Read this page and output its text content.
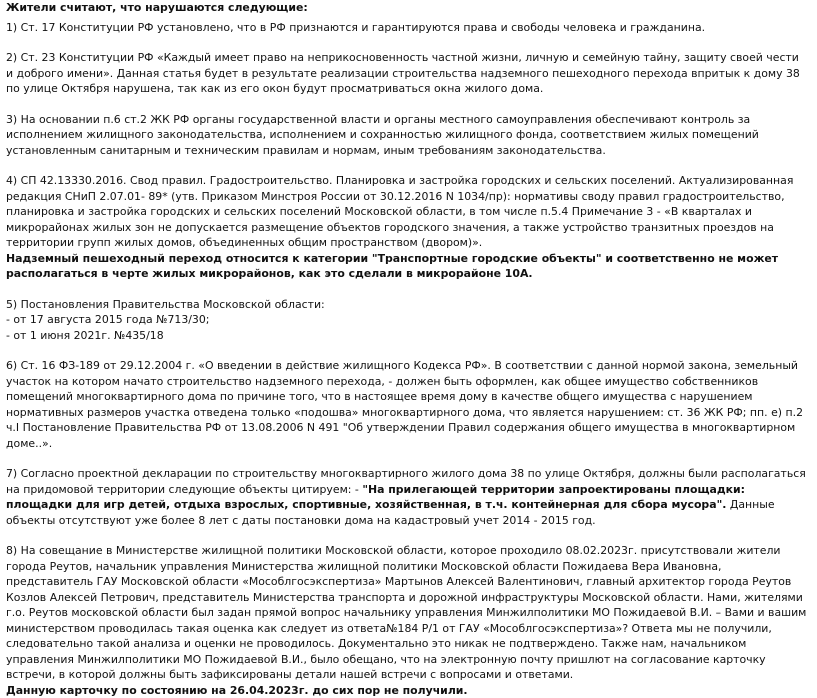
Жители считают, что нарушаются следующие:
1) Ст. 17 Конституции РФ установлено, что в РФ признаются и гарантируются права и свободы человека и гражданина.
2) Ст. 23 Конституции РФ «Каждый имеет право на неприкосновенность частной жизни, личную и семейную тайну, защиту своей чести и доброго имени». Данная статья будет в результате реализации строительства надземного пешеходного перехода впритык к дому 38 по улице Октября нарушена, так как из его окон будут просматриваться окна жилого дома.
3) На основании п.6 ст.2 ЖК РФ органы государственной власти и органы местного самоуправления обеспечивают контроль за исполнением жилищного законодательства, исполнением и сохранностью жилищного фонда, соответствием жилых помещений установленным санитарным и техническим правилам и нормам, иным требованиям законодательства.
4) СП 42.13330.2016. Свод правил. Градостроительство. Планировка и застройка городских и сельских поселений. Актуализированная редакция СНиП 2.07.01- 89* (утв. Приказом Минстроя России от 30.12.2016 N 1034/пр): нормативы своду правил градостроительство, планировка и застройка городских и сельских поселений Московской области, в том числе п.5.4 Примечание 3 - «В кварталах и микрорайонах жилых зон не допускается размещение объектов городского значения, а также устройство транзитных проездов на территории групп жилых домов, объединенных общим пространством (двором)».
Надземный пешеходный переход относится к категории "Транспортные городские объекты" и соответственно не может располагаться в черте жилых микрорайонов, как это сделали в микрорайоне 10А.
5) Постановления Правительства Московской области:
- от 17 августа 2015 года №713/30;
- от 1 июня 2021г. №435/18
6) Ст. 16 ФЗ-189 от 29.12.2004 г. «О введении в действие жилищного Кодекса РФ». В соответствии с данной нормой закона, земельный участок на котором начато строительство надземного перехода, - должен быть оформлен, как общее имущество собственников помещений многоквартирного дома по причине того, что в настоящее время дому в качестве общего имущества с нарушением нормативных размеров участка отведена только «подошва» многоквартирного дома, что является нарушением: ст. 36 ЖК РФ; пп. е) п.2 ч.I Постановление Правительства РФ от 13.08.2006 N 491 "Об утверждении Правил содержания общего имущества в многоквартирном доме..».
7) Согласно проектной декларации по строительству многоквартирного жилого дома 38 по улице Октября, должны были располагаться на придомовой территории следующие объекты цитируем: - "На прилегающей территории запроектированы площадки: площадки для игр детей, отдыха взрослых, спортивные, хозяйственная, в т.ч. контейнерная для сбора мусора". Данные объекты отсутствуют уже более 8 лет с даты постановки дома на кадастровый учет 2014 - 2015 год.
8) На совещание в Министерстве жилищной политики Московской области, которое проходило 08.02.2023г. присутствовали жители города Реутов, начальник управления Министерства жилищной политики Московской области Пожидаева Вера Ивановна, представитель ГАУ Московской области «Мособлгосэкспертиза» Мартынов Алексей Валентинович, главный архитектор города Реутов Козлов Алексей Петрович, представитель Министерства транспорта и дорожной инфраструктуры Московской области. Нами, жителями г.о. Реутов московской области был задан прямой вопрос начальнику управления Минжилполитики МО Пожидаевой В.И. – Вами и вашим министерством проводилась такая оценка как следует из ответа№184 Р/1 от ГАУ «Мособлгосэкспертиза»? Ответа мы не получили, следовательно такой анализа и оценки не проводилось. Документально это никак не подтверждено. Также нам, начальником управления Минжилполитики МО Пожидаевой В.И., было обещано, что на электронную почту пришлют на согласование карточку встречи, в которой должны быть зафиксированы детали нашей встречи с вопросами и ответами.
Данную карточку по состоянию на 26.04.2023г. до сих пор не получили.
